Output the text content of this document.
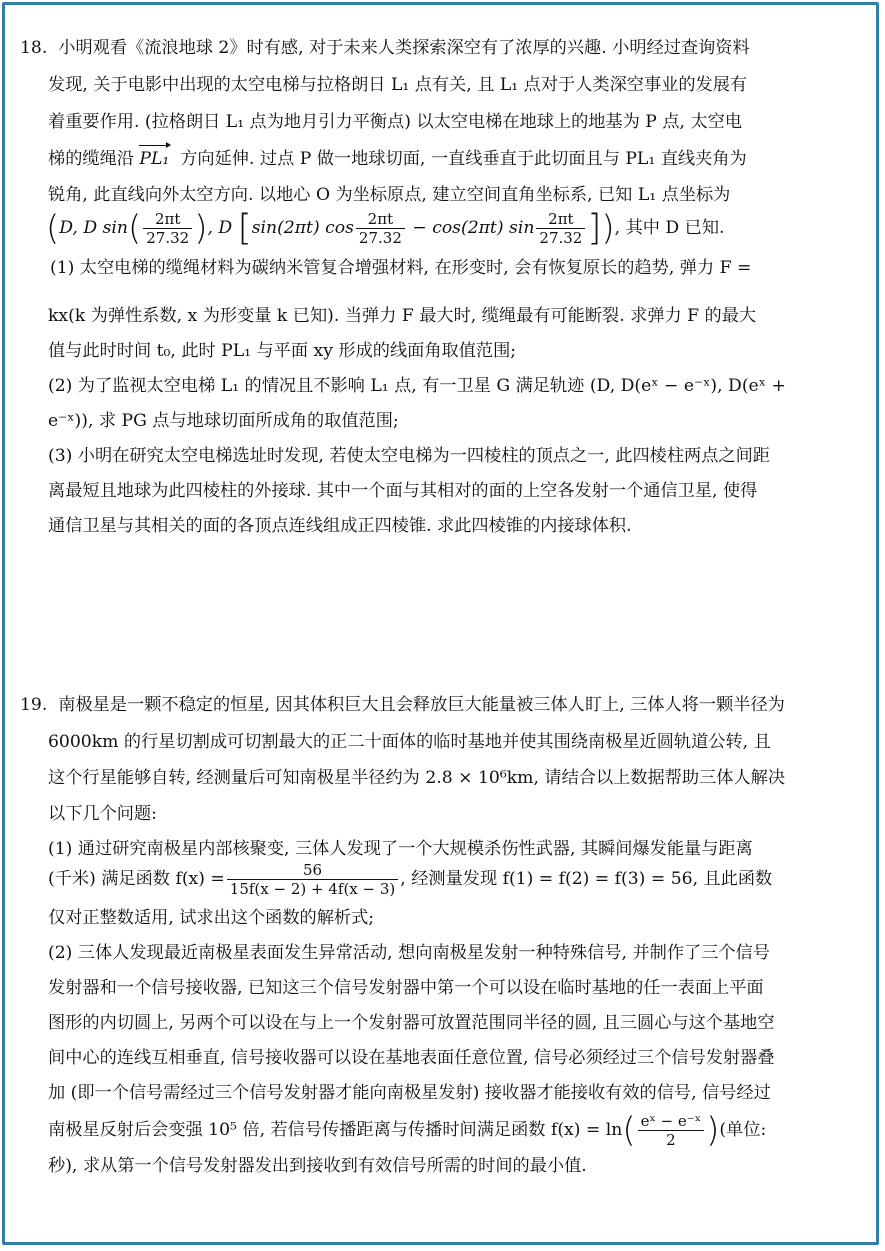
18. 小明观看《流浪地球 2》时有感, 对于未来人类探索深空有了浓厚的兴趣. 小明经过查询资料
发现, 关于电影中出现的太空电梯与拉格朗日 L₁ 点有关, 且 L₁ 点对于人类深空事业的发展有
着重要作用. (拉格朗日 L₁ 点为地月引力平衡点) 以太空电梯在地球上的地基为 P 点, 太空电
梯的缆绳沿 PL₁ 方向延伸. 过点 P 做一地球切面, 一直线垂直于此切面且与 PL₁ 直线夹角为
锐角, 此直线向外太空方向. 以地心 O 为坐标原点, 建立空间直角坐标系, 已知 L₁ 点坐标为
(D, D $\sin( \frac{2\pi t}{27.32}$ ), D [sin(2πt) $\cos \frac{2\pi t}{27.32} - \cos(2\pi t)$ $\sin \frac{2\pi t}{27.32}$ ]), 其中 D 已知.
(1) 太空电梯的缆绳材料为碳纳米管复合增强材料, 在形变时, 会有恢复原长的趋势, 弹力 F =
kx(k 为弹性系数, x 为形变量 k 已知). 当弹力 F 最大时, 缆绳最有可能断裂. 求弹力 F 的最大
值与此时时间 t₀, 此时 PL₁ 与平面 xy 形成的线面角取值范围;
(2) 为了监视太空电梯 L₁ 的情况且不影响 L₁ 点, 有一卫星 G 满足轨迹 (D, D(eˣ − e⁻ˣ), D(eˣ +
e⁻ˣ)), 求 PG 点与地球切面所成角的取值范围;
(3) 小明在研究太空电梯选址时发现, 若使太空电梯为一四棱柱的顶点之一, 此四棱柱两点之间距
离最短且地球为此四棱柱的外接球. 其中一个面与其相对的面的上空各发射一个通信卫星, 使得
通信卫星与其相关的面的各顶点连线组成正四棱锥. 求此四棱锥的内接球体积.
19. 南极星是一颗不稳定的恒星, 因其体积巨大且会释放巨大能量被三体人盯上, 三体人将一颗半径为
6000km 的行星切割成可切割最大的正二十面体的临时基地并使其围绕南极星近圆轨道公转, 且
这个行星能够自转, 经测量后可知南极星半径约为 2.8 × 10⁶km, 请结合以上数据帮助三体人解决
以下几个问题:
(1) 通过研究南极星内部核聚变, 三体人发现了一个大规模杀伤性武器, 其瞬间爆发能量与距离
(千米) 满足函数 $f(x) = \frac{56}{15f(x - 2) + 4f(x - 3)}$ , 经测量发现 f(1) = f(2) = f(3) = 56, 且此函数
仅对正整数适用, 试求出这个函数的解析式;
(2) 三体人发现最近南极星表面发生异常活动, 想向南极星发射一种特殊信号, 并制作了三个信号
发射器和一个信号接收器, 已知这三个信号发射器中第一个可以设在临时基地的任一表面上平面
图形的内切圆上, 另两个可以设在与上一个发射器可放置范围同半径的圆, 且三圆心与这个基地空
间中心的连线互相垂直, 信号接收器可以设在基地表面任意位置, 信号必须经过三个信号发射器叠
加 (即一个信号需经过三个信号发射器才能向南极星发射) 接收器才能接收有效的信号, 信号经过
南极星反射后会变强 10⁵ 倍, 若信号传播距离与传播时间满足函数 $f(x) = \ln( \frac{\text{eˣ − e⁻ˣ}}{2}$ )(单位:
秒), 求从第一个信号发射器发出到接收到有效信号所需的时间的最小值.
